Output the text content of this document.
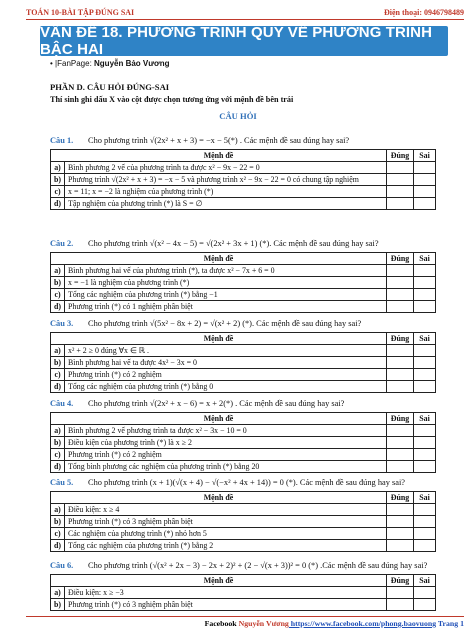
TOÁN 10-BÀI TẬP ĐÚNG SAI	Điện thoại: 0946798489
VẤN ĐỀ 18. PHƯƠNG TRÌNH QUY VỀ PHƯƠNG TRÌNH BẬC HAI
• |FanPage: Nguyễn Bảo Vương
PHẦN D. CÂU HỎI ĐÚNG-SAI
Thí sinh ghi dấu X vào cột được chọn tương ứng với mệnh đề bên trái
CÂU HỎI
Câu 1.	Cho phương trình √(2x² + x + 3) = −x − 5(*) . Các mệnh đề sau đúng hay sai?
Mệnh đề		Đúng	Sai
a)	Bình phương 2 vế của phương trình ta được x² − 9x − 22 = 0		
b)	Phương trình √(2x² + x + 3) = −x − 5 và phương trình x² − 9x − 22 = 0 có chung tập nghiệm		
c)	x = 11; x = −2 là nghiệm của phương trình (*)		
d)	Tập nghiệm của phương trình (*) là S = ∅		
Câu 2.	Cho phương trình √(x² − 4x − 5) = √(2x² + 3x + 1) (*). Các mệnh đề sau đúng hay sai?
Mệnh đề		Đúng	Sai
a)	Bình phương hai vế của phương trình (*), ta được x² − 7x + 6 = 0		
b)	x = −1 là nghiệm của phương trình (*)		
c)	Tổng các nghiệm của phương trình (*) bằng −1		
d)	Phương trình (*) có 1 nghiệm phân biệt		
Câu 3.	Cho phương trình √(5x² − 8x + 2) = √(x² + 2) (*). Các mệnh đề sau đúng hay sai?
Mệnh đề		Đúng	Sai
a)	x² + 2 ≥ 0 đúng ∀x ∈ ℝ .		
b)	Bình phương hai vế ta được 4x² − 3x = 0		
c)	Phương trình (*) có 2 nghiệm		
d)	Tổng các nghiệm của phương trình (*) bằng 0		
Câu 4.	Cho phương trình √(2x² + x − 6) = x + 2(*) . Các mệnh đề sau đúng hay sai?
Mệnh đề		Đúng	Sai
a)	Bình phương 2 vế phương trình ta được x² − 3x − 10 = 0		
b)	Điều kiện của phương trình (*) là x ≥ 2		
c)	Phương trình (*) có 2 nghiệm		
d)	Tổng bình phương các nghiệm của phương trình (*) bằng 20		
Câu 5.	Cho phương trình (x + 1)(√(x + 4) − √(−x² + 4x + 14)) = 0 (*). Các mệnh đề sau đúng hay sai?
Mệnh đề		Đúng	Sai
a)	Điều kiện: x ≥ 4		
b)	Phương trình (*) có 3 nghiệm phân biệt		
c)	Các nghiệm của phương trình (*) nhỏ hơn 5		
d)	Tổng các nghiệm của phương trình (*) bằng 2		
Câu 6.	Cho phương trình (√(x² + 2x − 3) − 2x + 2)² + (2 − √(x + 3))² = 0 (*) .Các mệnh đề sau đúng hay sai?
Mệnh đề		Đúng	Sai
a)	Điều kiện: x ≥ −3		
b)	Phương trình (*) có 3 nghiệm phân biệt		
Facebook Nguyễn Vương https://www.facebook.com/phong.baovuong Trang 1
